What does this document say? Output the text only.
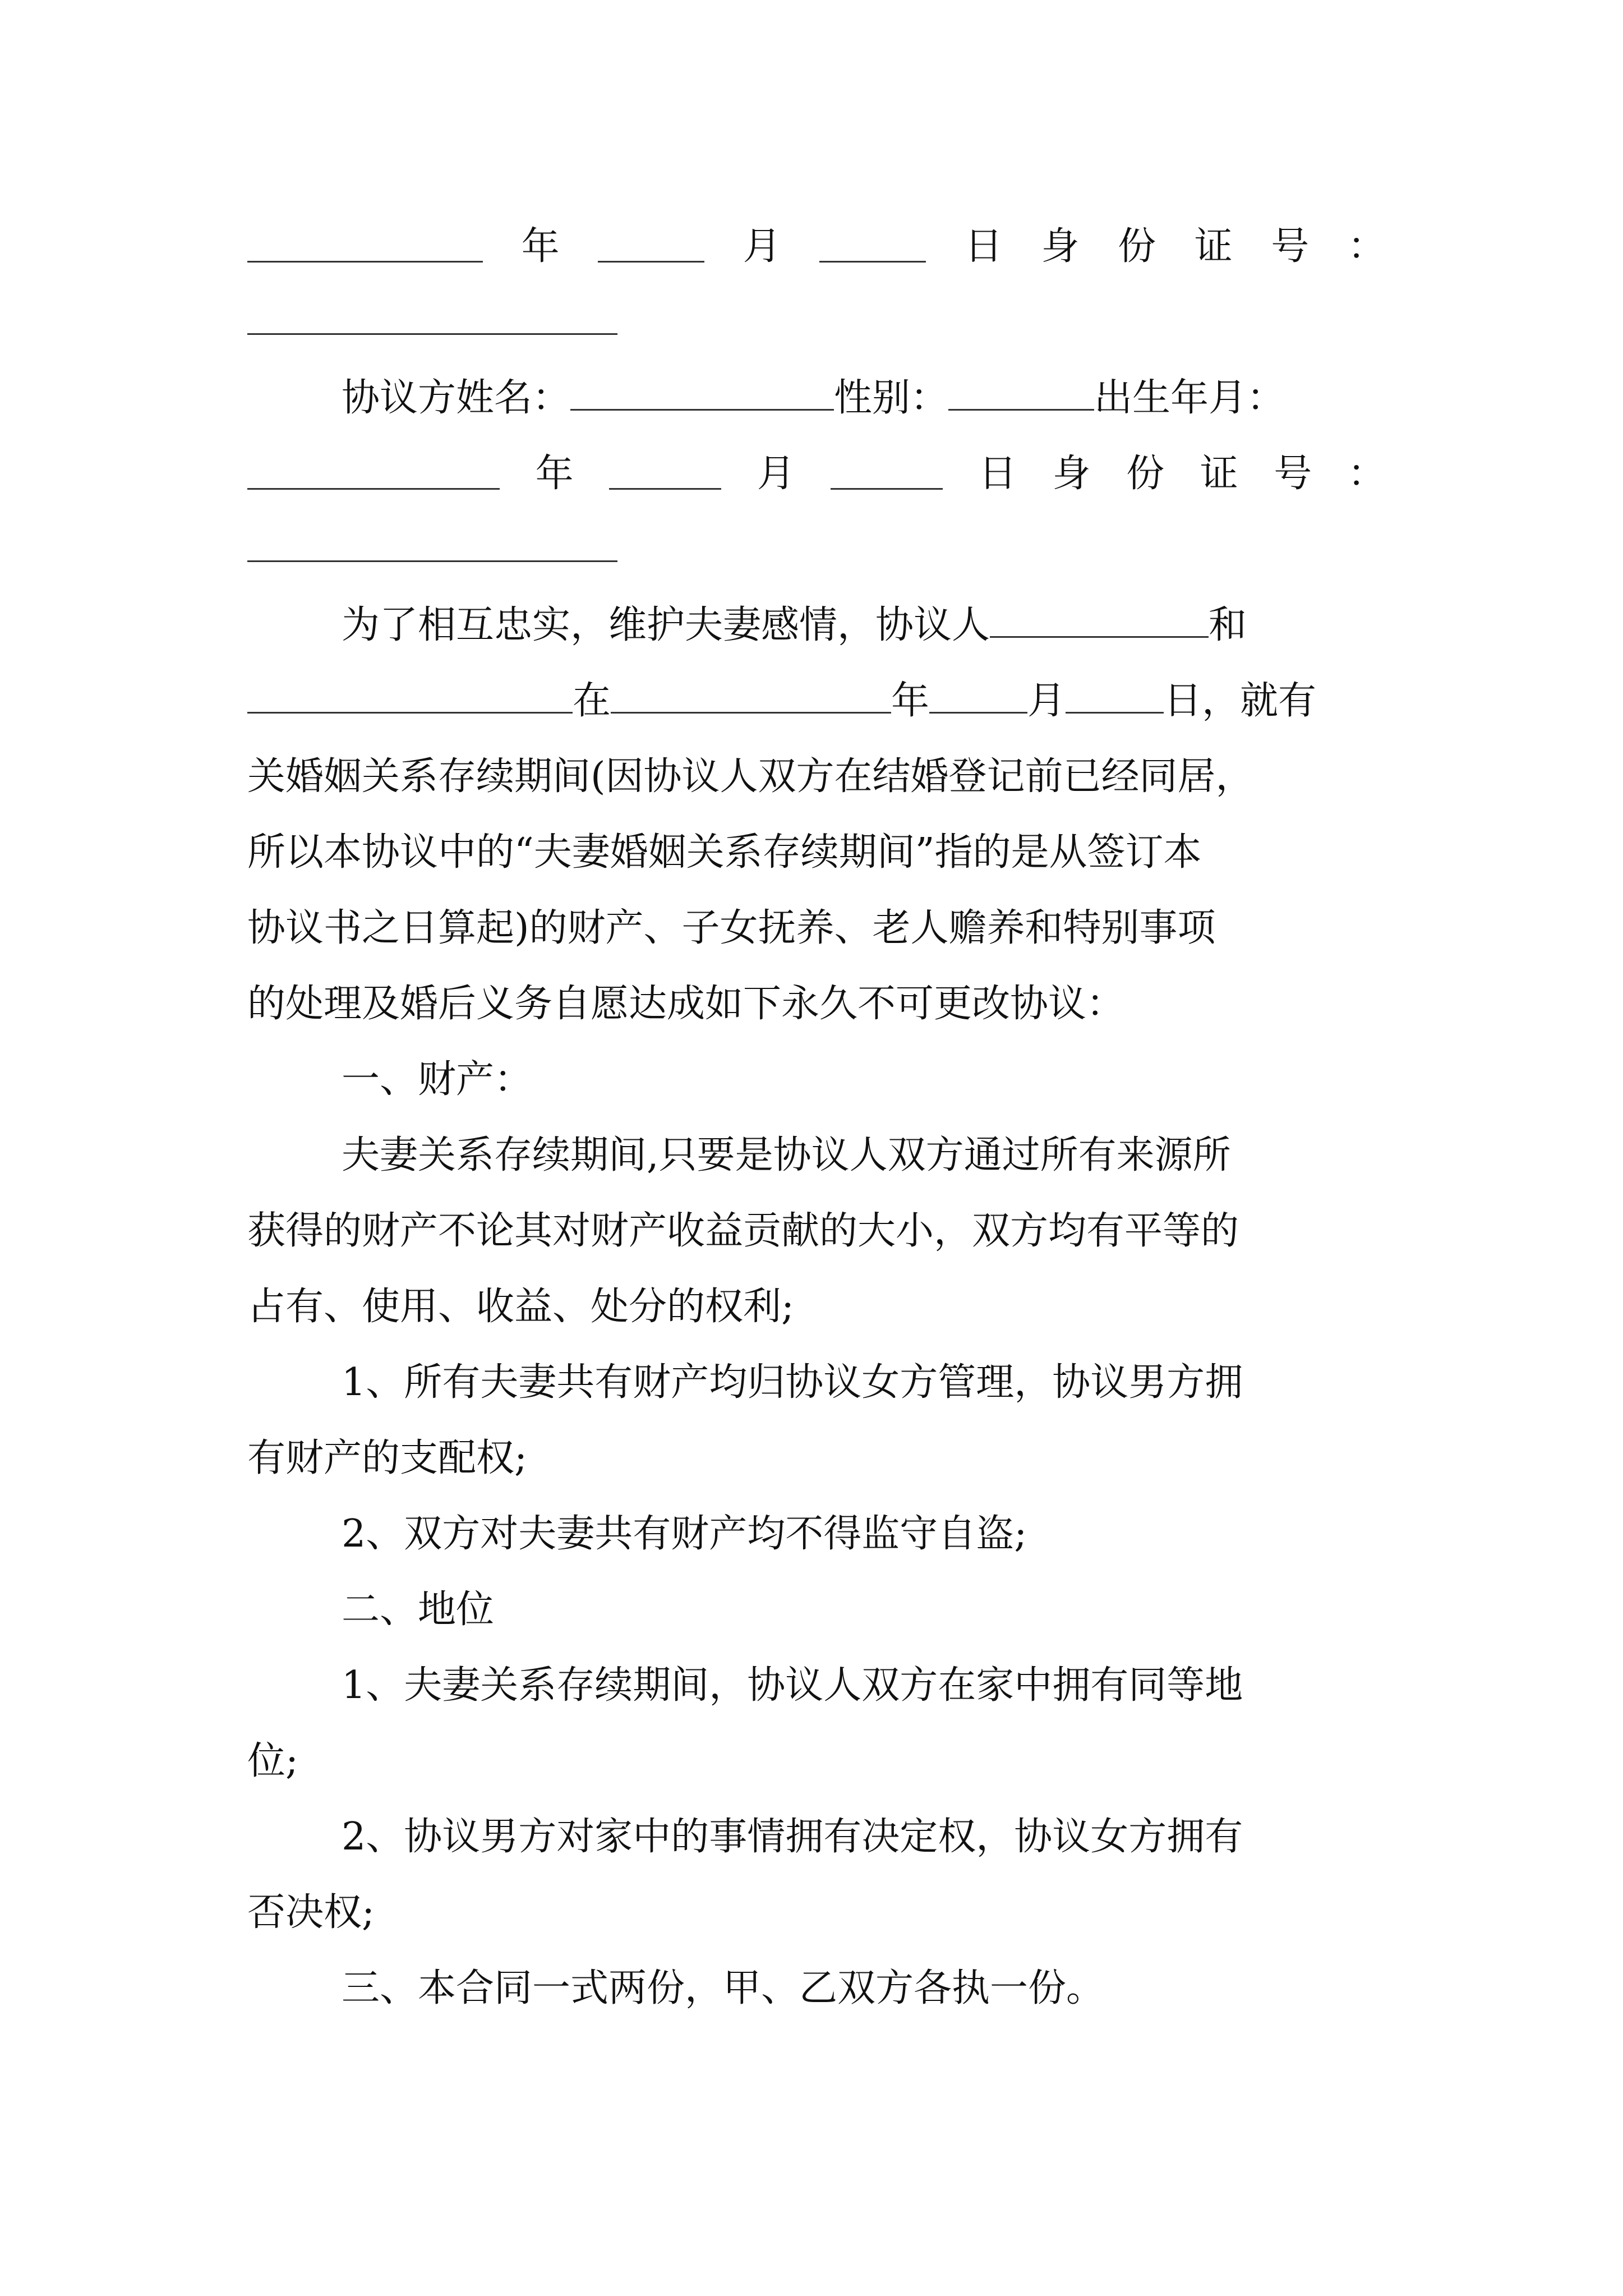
年	月	日 身 份 证 号 ：
协议方姓名：	性别：	出生年月：
年	月	日 身 份 证 号 ：
为了相互忠实，维护夫妻感情，协议人	和
在	年	月	日，就有
关婚姻关系存续期间(因协议人双方在结婚登记前已经同居，
所以本协议中的“夫妻婚姻关系存续期间”指的是从签订本
协议书之日算起)的财产、子女抚养、老人赡养和特别事项
的处理及婚后义务自愿达成如下永久不可更改协议：
一、财产：
夫妻关系存续期间,只要是协议人双方通过所有来源所
获得的财产不论其对财产收益贡献的大小，双方均有平等的
占有、使用、收益、处分的权利;
1、所有夫妻共有财产均归协议女方管理，协议男方拥
有财产的支配权;
2、双方对夫妻共有财产均不得监守自盗;
二、地位
1、夫妻关系存续期间，协议人双方在家中拥有同等地
位;
2、协议男方对家中的事情拥有决定权，协议女方拥有
否决权;
三、本合同一式两份，甲、乙双方各执一份。
